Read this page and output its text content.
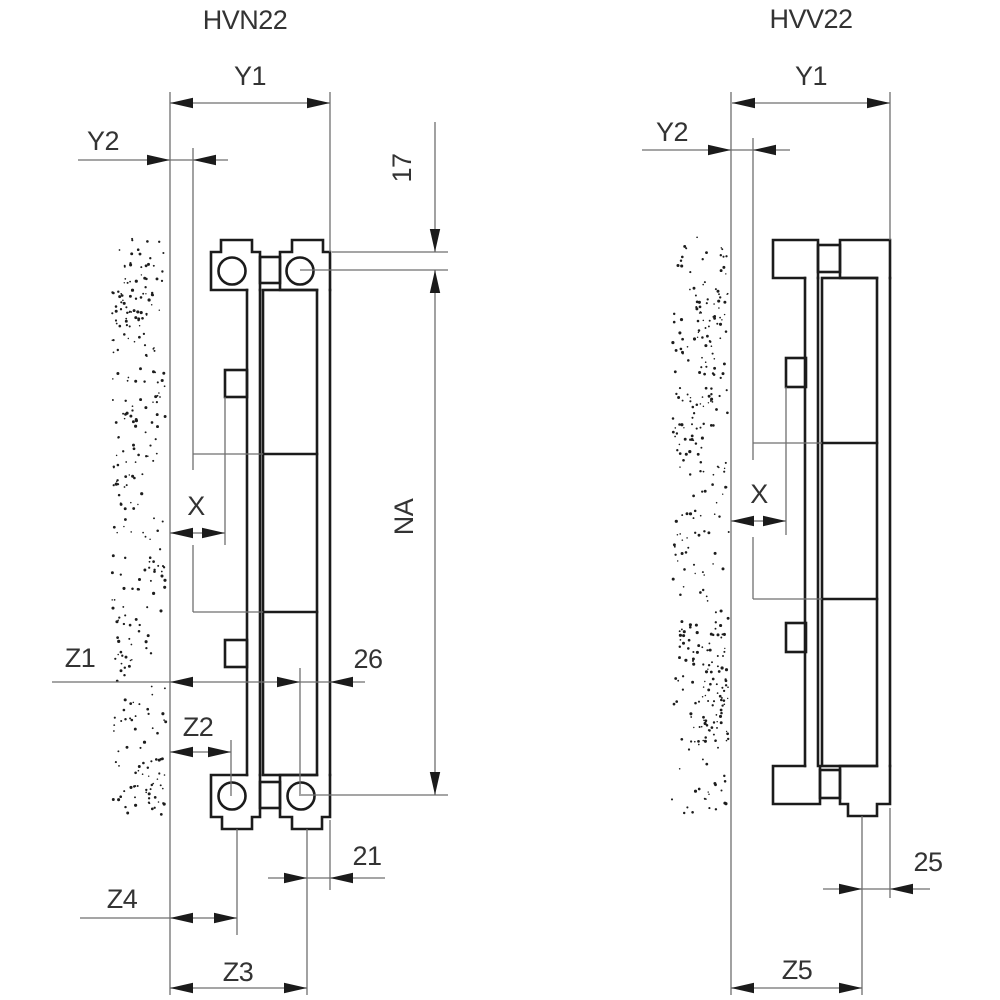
HVN22
Y1
Y2
17
NA
X
Z1	26
Z2
21
Z4
Z3
HVV22
Y1
Y2
X
25
Z5
